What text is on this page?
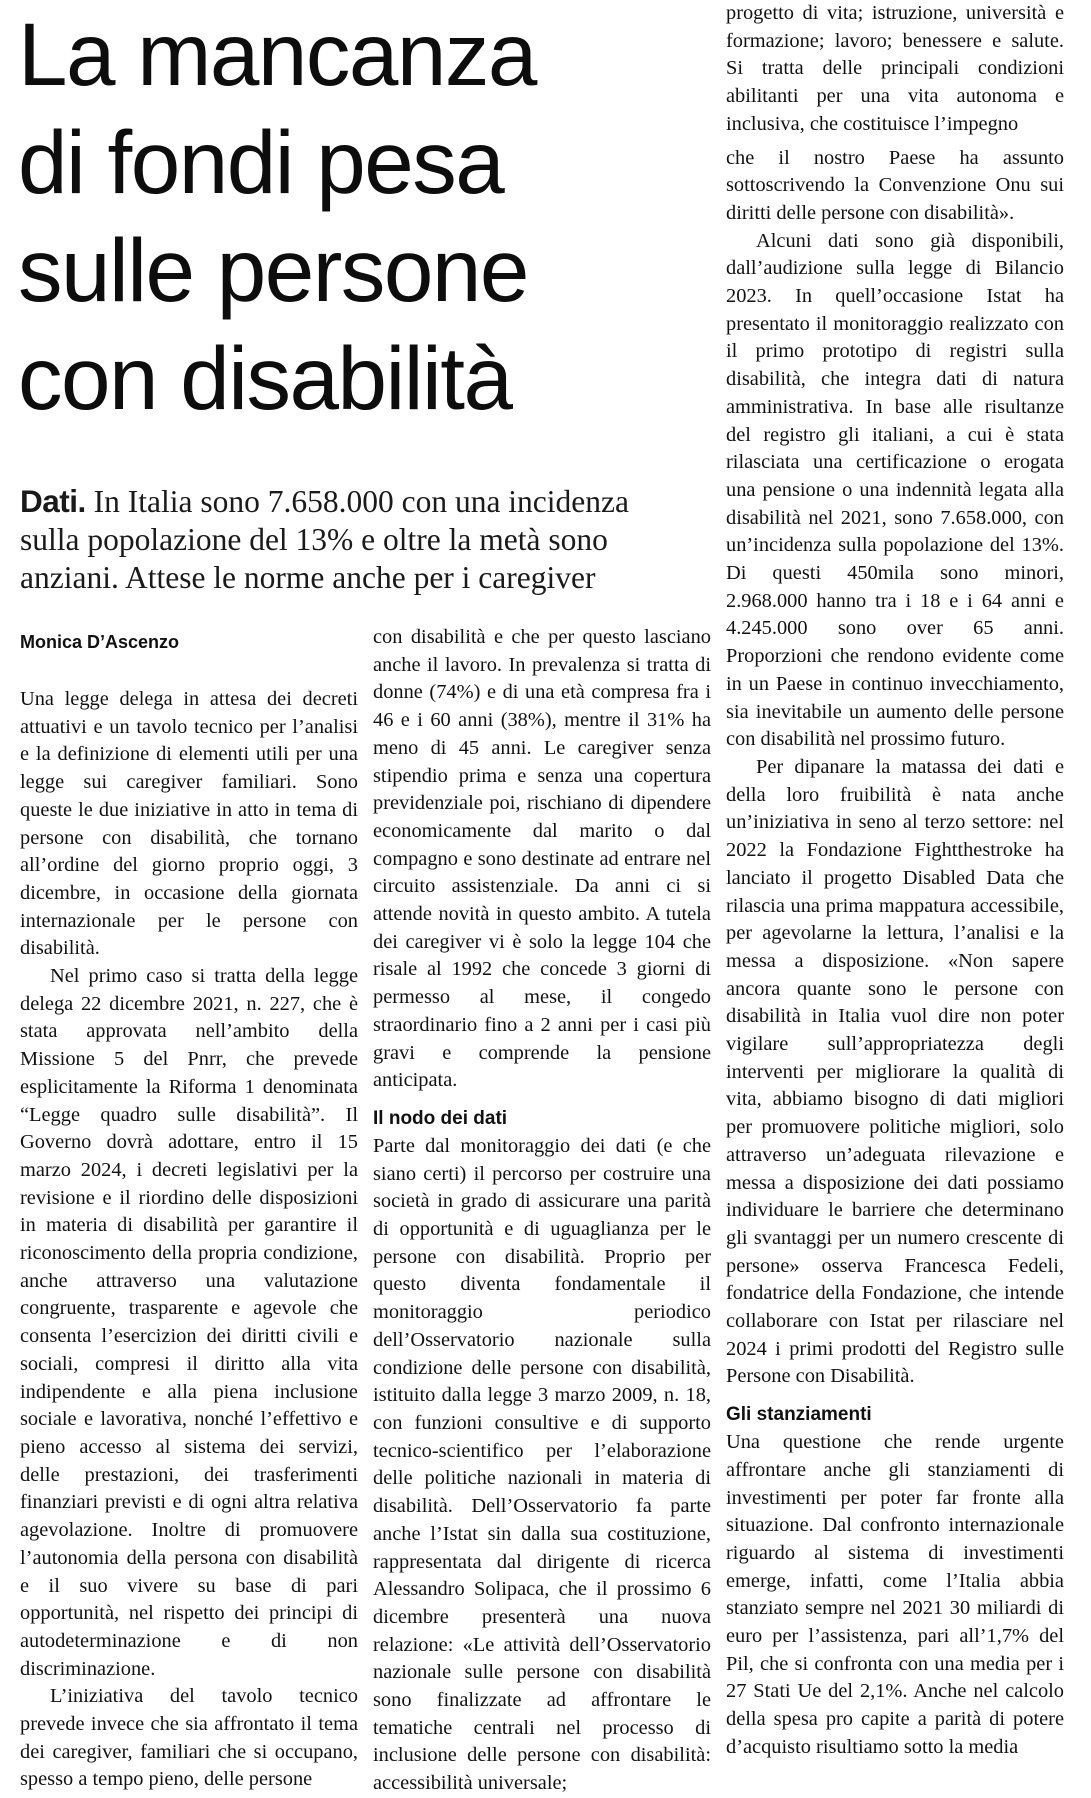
La mancanza
di fondi pesa
sulle persone
con disabilità
Dati. In Italia sono 7.658.000 con una incidenza
sulla popolazione del 13% e oltre la metà sono
anziani. Attese le norme anche per i caregiver
Monica D’Ascenzo

Una legge delega in attesa dei decreti attuativi e un tavolo tecnico per l’analisi e la definizione di elementi utili per una legge sui caregiver familiari. Sono queste le due iniziative in atto in tema di persone con disabilità, che tornano all’ordine del giorno proprio oggi, 3 dicembre, in occasione della giornata internazionale per le persone con disabilità.

Nel primo caso si tratta della legge delega 22 dicembre 2021, n. 227, che è stata approvata nell’ambito della Missione 5 del Pnrr, che prevede esplicitamente la Riforma 1 denominata “Legge quadro sulle disabilità”. Il Governo dovrà adottare, entro il 15 marzo 2024, i decreti legislativi per la revisione e il riordino delle disposizioni in materia di disabilità per garantire il riconoscimento della propria condizione, anche attraverso una valutazione congruente, trasparente e agevole che consenta l’esercizion dei diritti civili e sociali, compresi il diritto alla vita indipendente e alla piena inclusione sociale e lavorativa, nonché l’effettivo e pieno accesso al sistema dei servizi, delle prestazioni, dei trasferimenti finanziari previsti e di ogni altra relativa agevolazione. Inoltre di promuovere l’autonomia della persona con disabilità e il suo vivere su base di pari opportunità, nel rispetto dei principi di autodeterminazione e di non discriminazione.

L’iniziativa del tavolo tecnico prevede invece che sia affrontato il tema dei caregiver, familiari che si occupano, spesso a tempo pieno, delle persone

con disabilità e che per questo lasciano anche il lavoro. In prevalenza si tratta di donne (74%) e di una età compresa fra i 46 e i 60 anni (38%), mentre il 31% ha meno di 45 anni. Le caregiver senza stipendio prima e senza una copertura previdenziale poi, rischiano di dipendere economicamente dal marito o dal compagno e sono destinate ad entrare nel circuito assistenziale. Da anni ci si attende novità in questo ambito. A tutela dei caregiver vi è solo la legge 104 che risale al 1992 che concede 3 giorni di permesso al mese, il congedo straordinario fino a 2 anni per i casi più gravi e comprende la pensione anticipata.

Il nodo dei dati

Parte dal monitoraggio dei dati (e che siano certi) il percorso per costruire una società in grado di assicurare una parità di opportunità e di uguaglianza per le persone con disabilità. Proprio per questo diventa fondamentale il monitoraggio periodico dell’Osservatorio nazionale sulla condizione delle persone con disabilità, istituito dalla legge 3 marzo 2009, n. 18, con funzioni consultive e di supporto tecnico-scientifico per l’elaborazione delle politiche nazionali in materia di disabilità. Dell’Osservatorio fa parte anche l’Istat sin dalla sua costituzione, rappresentata dal dirigente di ricerca Alessandro Solipaca, che il prossimo 6 dicembre presenterà una nuova relazione: «Le attività dell’Osservatorio nazionale sulle persone con disabilità sono finalizzate ad affrontare le tematiche centrali nel processo di inclusione delle persone con disabilità: accessibilità universale;

progetto di vita; istruzione, università e formazione; lavoro; benessere e salute. Si tratta delle principali condizioni abilitanti per una vita autonoma e inclusiva, che costituisce l’impegno

che il nostro Paese ha assunto sottoscrivendo la Convenzione Onu sui diritti delle persone con disabilità».

Alcuni dati sono già disponibili, dall’audizione sulla legge di Bilancio 2023. In quell’occasione Istat ha presentato il monitoraggio realizzato con il primo prototipo di registri sulla disabilità, che integra dati di natura amministrativa. In base alle risultanze del registro gli italiani, a cui è stata rilasciata una certificazione o erogata una pensione o una indennità legata alla disabilità nel 2021, sono 7.658.000, con un’incidenza sulla popolazione del 13%. Di questi 450mila sono minori, 2.968.000 hanno tra i 18 e i 64 anni e 4.245.000 sono over 65 anni. Proporzioni che rendono evidente come in un Paese in continuo invecchiamento, sia inevitabile un aumento delle persone con disabilità nel prossimo futuro.

Per dipanare la matassa dei dati e della loro fruibilità è nata anche un’iniziativa in seno al terzo settore: nel 2022 la Fondazione Fightthestroke ha lanciato il progetto Disabled Data che rilascia una prima mappatura accessibile, per agevolarne la lettura, l’analisi e la messa a disposizione. «Non sapere ancora quante sono le persone con disabilità in Italia vuol dire non poter vigilare sull’appropriatezza degli interventi per migliorare la qualità di vita, abbiamo bisogno di dati migliori per promuovere politiche migliori, solo attraverso un’adeguata rilevazione e messa a disposizione dei dati possiamo individuare le barriere che determinano gli svantaggi per un numero crescente di persone» osserva Francesca Fedeli, fondatrice della Fondazione, che intende collaborare con Istat per rilasciare nel 2024 i primi prodotti del Registro sulle Persone con Disabilità.

Gli stanziamenti

Una questione che rende urgente affrontare anche gli stanziamenti di investimenti per poter far fronte alla situazione. Dal confronto internazionale riguardo al sistema di investimenti emerge, infatti, come l’Italia abbia stanziato sempre nel 2021 30 miliardi di euro per l’assistenza, pari all’1,7% del Pil, che si confronta con una media per i 27 Stati Ue del 2,1%. Anche nel calcolo della spesa pro capite a parità di potere d’acquisto risultiamo sotto la media
